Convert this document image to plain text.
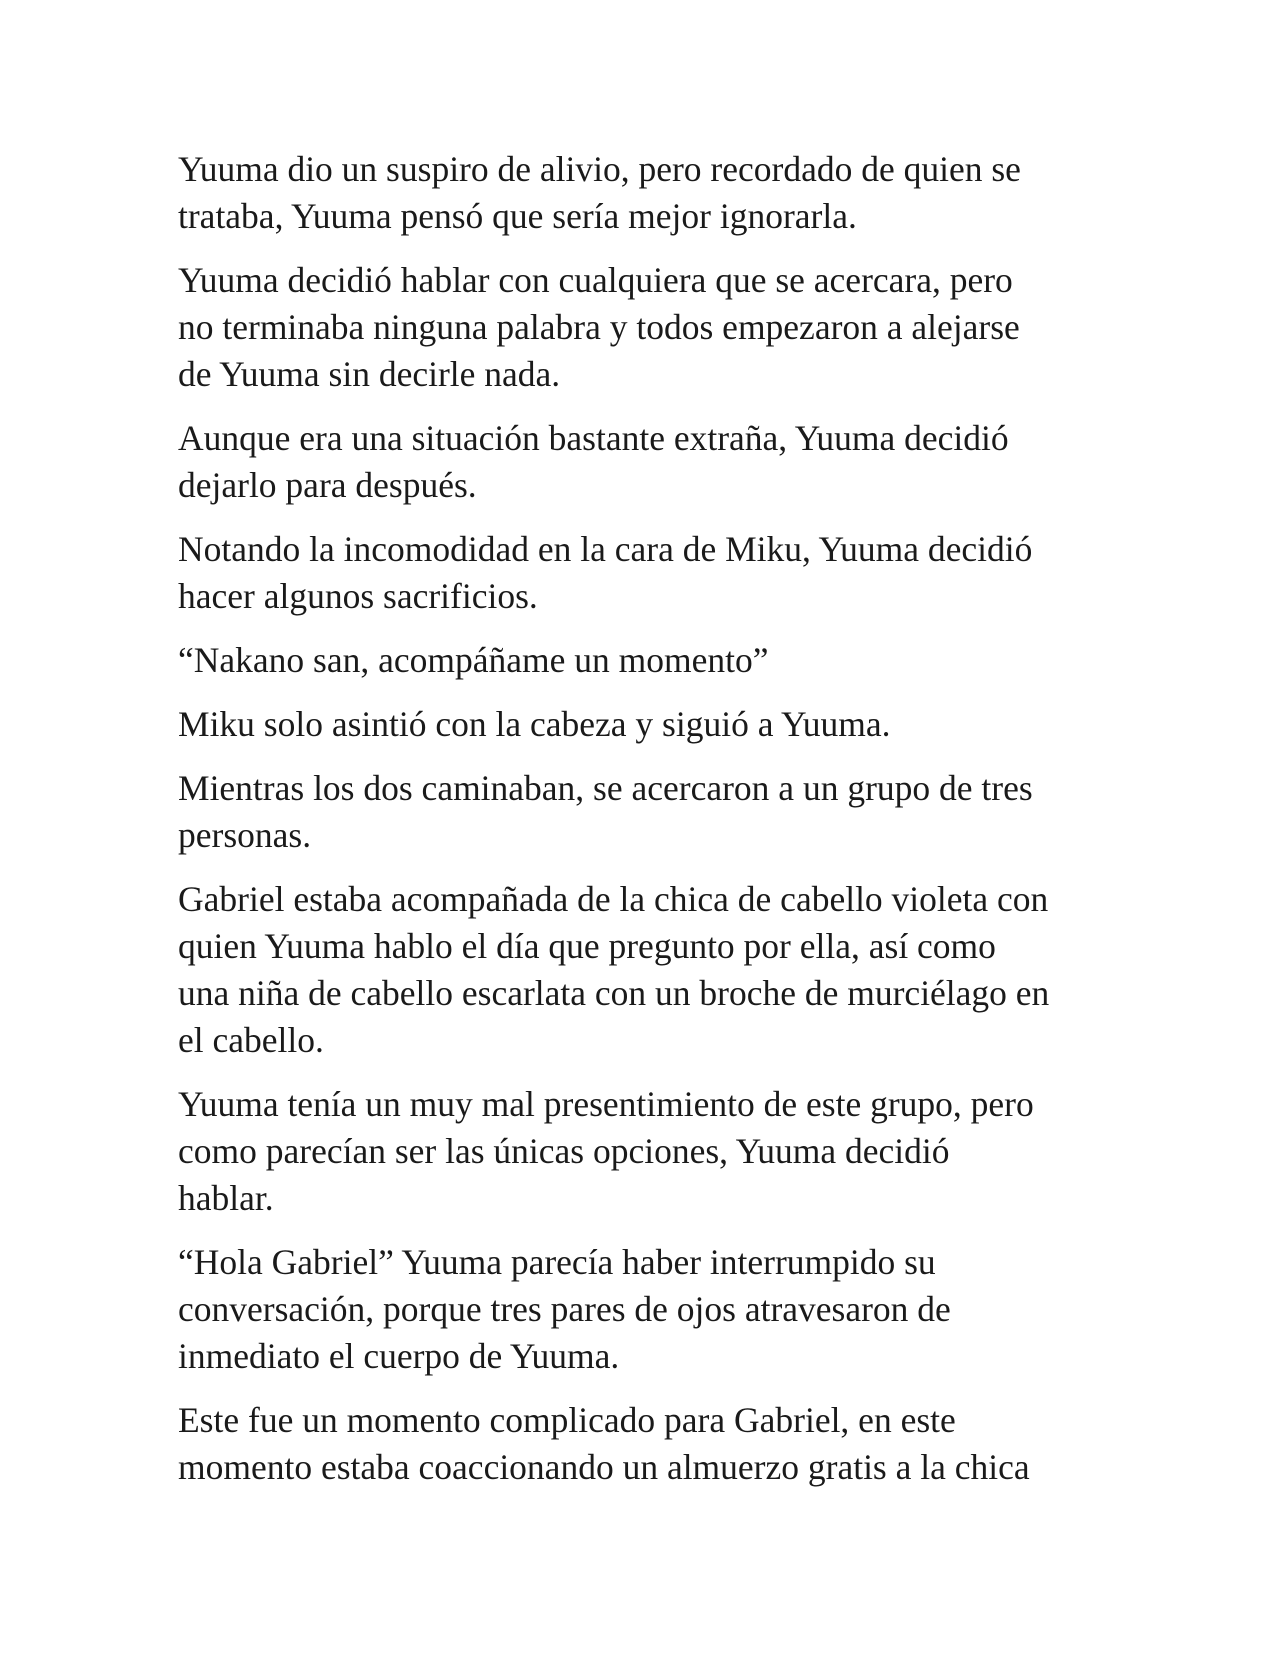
Yuuma dio un suspiro de alivio, pero recordado de quien se
trataba, Yuuma pensó que sería mejor ignorarla.

Yuuma decidió hablar con cualquiera que se acercara, pero
no terminaba ninguna palabra y todos empezaron a alejarse
de Yuuma sin decirle nada.

Aunque era una situación bastante extraña, Yuuma decidió
dejarlo para después.

Notando la incomodidad en la cara de Miku, Yuuma decidió
hacer algunos sacrificios.

“Nakano san, acompáñame un momento”

Miku solo asintió con la cabeza y siguió a Yuuma.

Mientras los dos caminaban, se acercaron a un grupo de tres
personas.

Gabriel estaba acompañada de la chica de cabello violeta con
quien Yuuma hablo el día que pregunto por ella, así como
una niña de cabello escarlata con un broche de murciélago en
el cabello.

Yuuma tenía un muy mal presentimiento de este grupo, pero
como parecían ser las únicas opciones, Yuuma decidió
hablar.

“Hola Gabriel” Yuuma parecía haber interrumpido su
conversación, porque tres pares de ojos atravesaron de
inmediato el cuerpo de Yuuma.

Este fue un momento complicado para Gabriel, en este
momento estaba coaccionando un almuerzo gratis a la chica
